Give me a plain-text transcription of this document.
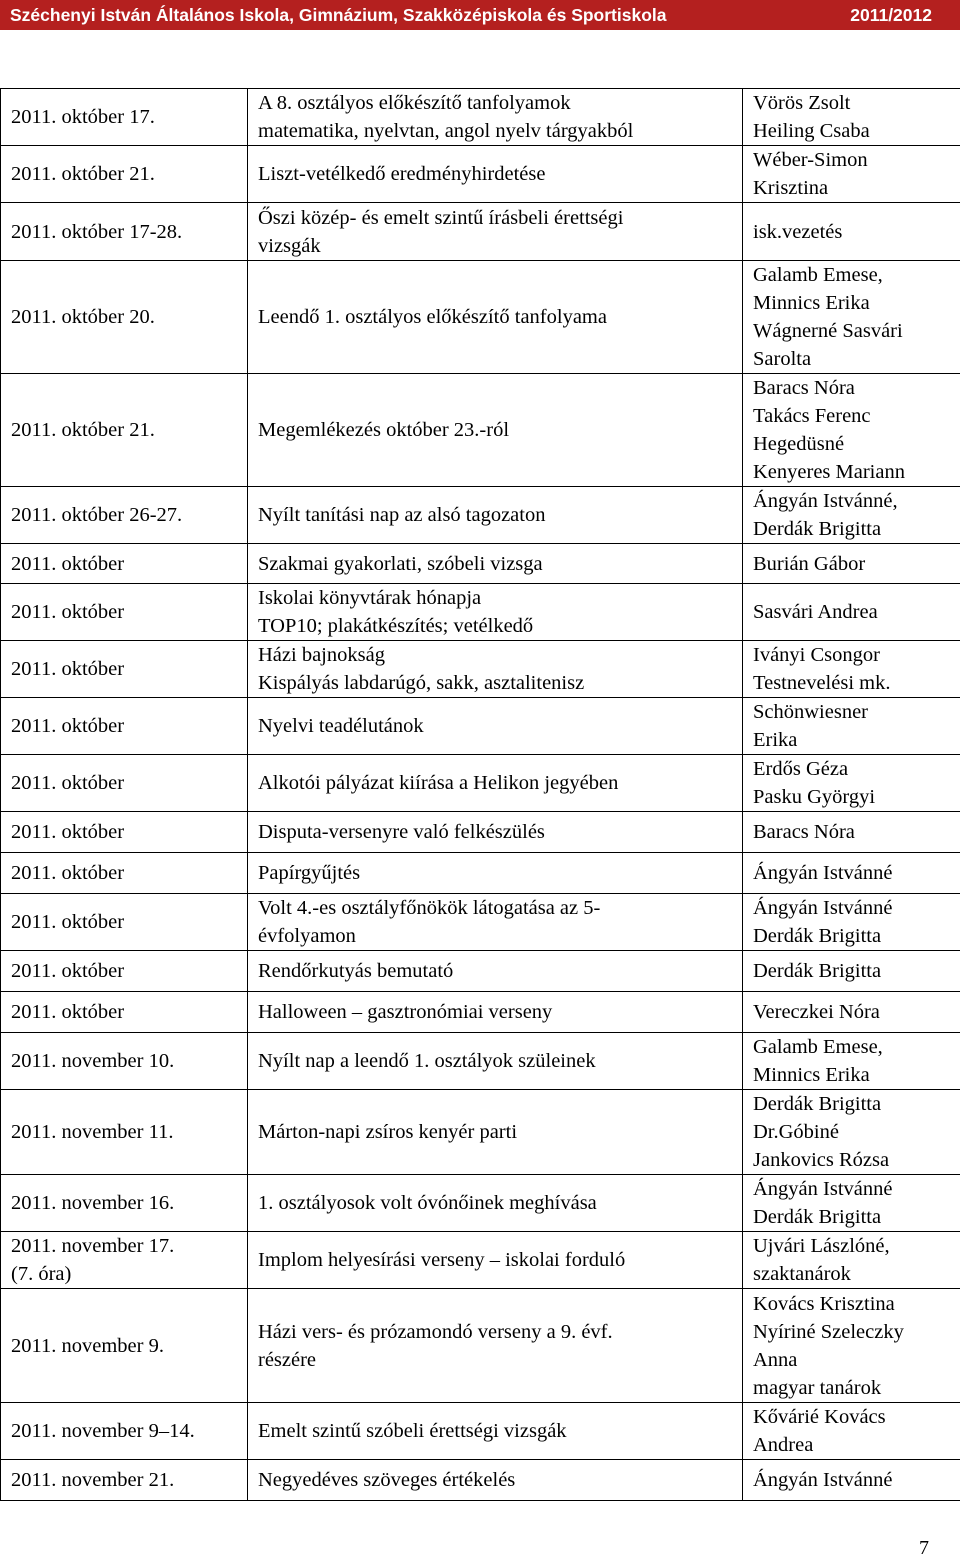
Széchenyi István Általános Iskola, Gimnázium, Szakközépiskola és Sportiskola	2011/2012
2011. október 17.	A 8. osztályos előkészítő tanfolyamok
matematika, nyelvtan, angol nyelv tárgyakból	Vörös Zsolt
Heiling Csaba

2011. október 21.	Liszt-vetélkedő eredményhirdetése	Wéber-Simon
Krisztina

2011. október 17-28.	Őszi közép- és emelt szintű írásbeli érettségi
vizsgák	isk.vezetés

2011. október 20.	Leendő 1. osztályos előkészítő tanfolyama	Galamb Emese,
Minnics Erika
Wágnerné Sasvári
Sarolta

2011. október 21.	Megemlékezés október 23.-ról	Baracs Nóra
Takács Ferenc
Hegedüsné
Kenyeres Mariann

2011. október 26-27.	Nyílt tanítási nap az alsó tagozaton	Ángyán Istvánné,
Derdák Brigitta

2011. október	Szakmai gyakorlati, szóbeli vizsga	Burián Gábor

2011. október	Iskolai könyvtárak hónapja
TOP10; plakátkészítés; vetélkedő	Sasvári Andrea

2011. október	Házi bajnokság
Kispályás labdarúgó, sakk, asztalitenisz	Iványi Csongor
Testnevelési mk.

2011. október	Nyelvi teadélutánok	Schönwiesner
Erika

2011. október	Alkotói pályázat kiírása a Helikon jegyében	Erdős Géza
Pasku Györgyi

2011. október	Disputa-versenyre való felkészülés	Baracs Nóra

2011. október	Papírgyűjtés	Ángyán Istvánné

2011. október	Volt 4.-es osztályfőnökök látogatása az 5-
évfolyamon	Ángyán Istvánné
Derdák Brigitta

2011. október	Rendőrkutyás bemutató	Derdák Brigitta

2011. október	Halloween – gasztronómiai verseny	Vereczkei Nóra

2011. november 10.	Nyílt nap a leendő 1. osztályok szüleinek	Galamb Emese,
Minnics Erika

2011. november 11.	Márton-napi zsíros kenyér parti	Derdák Brigitta
Dr.Góbiné
Jankovics Rózsa

2011. november 16.	1. osztályosok volt óvónőinek meghívása	Ángyán Istvánné
Derdák Brigitta

2011. november 17.
(7. óra)	Implom helyesírási verseny – iskolai forduló	Ujvári Lászlóné,
szaktanárok

2011. november 9.	Házi vers- és prózamondó verseny a 9. évf.
részére	Kovács Krisztina
Nyíriné Szeleczky
Anna
magyar tanárok

2011. november 9–14.	Emelt szintű szóbeli érettségi vizsgák	Kővárié Kovács
Andrea

2011. november 21.	Negyedéves szöveges értékelés	Ángyán Istvánné
7
